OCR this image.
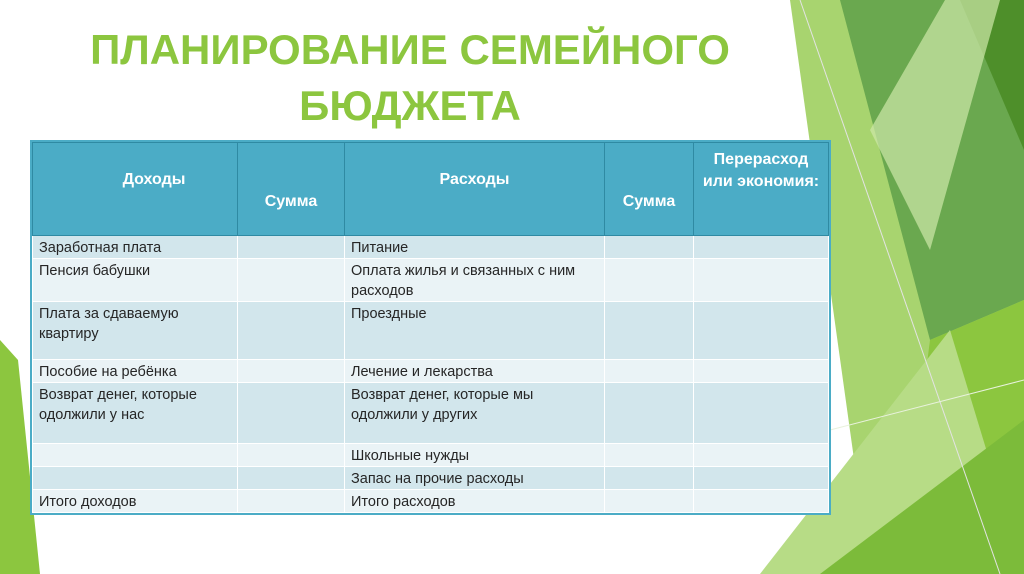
ПЛАНИРОВАНИЕ СЕМЕЙНОГО
БЮДЖЕТА
Доходы	Сумма	Расходы	Сумма	Перерасход или экономия:

Заработная плата		Питание		

Пенсия бабушки		Оплата жилья и связанных с ним расходов		

Плата за сдаваемую квартиру		Проездные		

Пособие на ребёнка		Лечение и лекарства		

Возврат денег, которые одолжили у нас		Возврат денег, которые мы одолжили у других		

		Школьные нужды		

		Запас на прочие расходы		

Итого доходов		Итого расходов		
